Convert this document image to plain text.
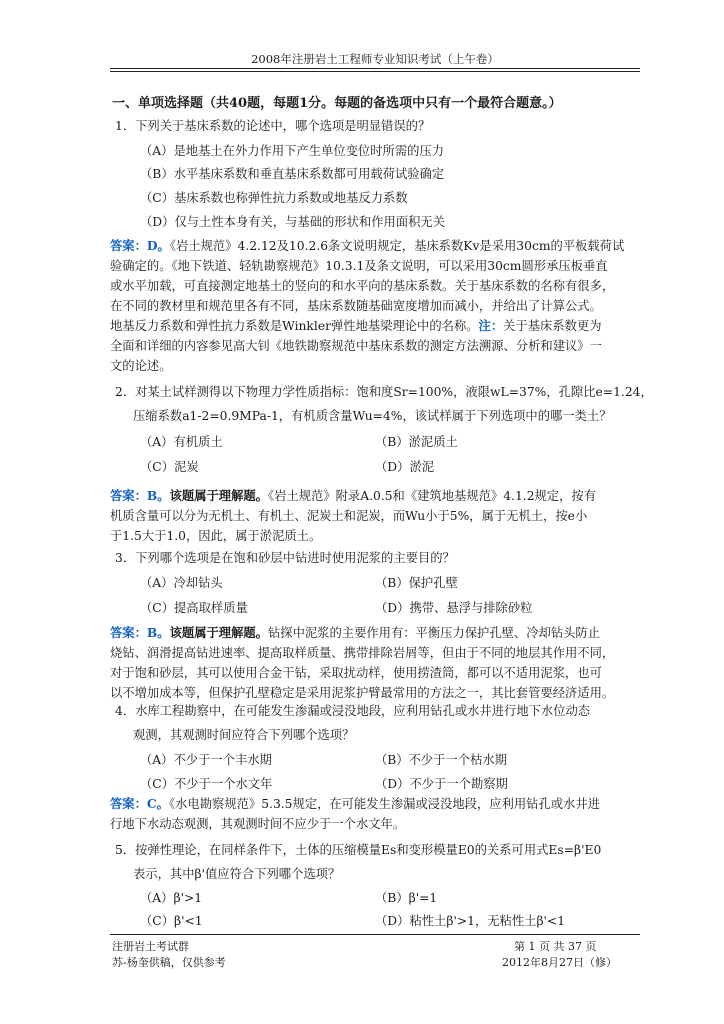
2008年注册岩土工程师专业知识考试（上午卷）
一、单项选择题（共40题，每题1分。每题的备选项中只有一个最符合题意。）
1．下列关于基床系数的论述中，哪个选项是明显错误的？
（A）是地基土在外力作用下产生单位变位时所需的压力
（B）水平基床系数和垂直基床系数都可用载荷试验确定
（C）基床系数也称弹性抗力系数或地基反力系数
（D）仅与土性本身有关，与基础的形状和作用面积无关
答案：D。《岩土规范》4.2.12及10.2.6条文说明规定，基床系数Kv是采用30cm的平板载荷试
验确定的。《地下铁道、轻轨勘察规范》10.3.1及条文说明，可以采用30cm圆形承压板垂直
或水平加载，可直接测定地基土的竖向的和水平向的基床系数。关于基床系数的名称有很多，
在不同的教材里和规范里各有不同，基床系数随基础宽度增加而减小，并给出了计算公式。
地基反力系数和弹性抗力系数是Winkler弹性地基梁理论中的名称。注：关于基床系数更为
全面和详细的内容参见高大钊《地铁勘察规范中基床系数的测定方法溯源、分析和建议》一
文的论述。
2．对某土试样测得以下物理力学性质指标：饱和度Sr=100%，液限wL=37%，孔隙比e=1.24，
压缩系数a1-2=0.9MPa-1，有机质含量Wu=4%，该试样属于下列选项中的哪一类土？
（A）有机质土	（B）淤泥质土
（C）泥炭	（D）淤泥
答案：B。该题属于理解题。《岩土规范》附录A.0.5和《建筑地基规范》4.1.2规定，按有
机质含量可以分为无机土、有机土、泥炭土和泥炭，而Wu小于5%，属于无机土，按e小
于1.5大于1.0，因此，属于淤泥质土。
3．下列哪个选项是在饱和砂层中钻进时使用泥浆的主要目的？
（A）冷却钻头	（B）保护孔壁
（C）提高取样质量	（D）携带、悬浮与排除砂粒
答案：B。该题属于理解题。钻探中泥浆的主要作用有：平衡压力保护孔壁、冷却钻头防止
烧钻、润滑提高钻进速率、提高取样质量、携带排除岩屑等，但由于不同的地层其作用不同，
对于饱和砂层，其可以使用合金干钻，采取扰动样，使用捞渣筒，都可以不适用泥浆，也可
以不增加成本等，但保护孔壁稳定是采用泥浆护臂最常用的方法之一，其比套管要经济适用。
4．水库工程勘察中，在可能发生渗漏或浸没地段，应利用钻孔或水井进行地下水位动态
观测，其观测时间应符合下列哪个选项？
（A）不少于一个丰水期	（B）不少于一个枯水期
（C）不少于一个水文年	（D）不少于一个勘察期
答案：C。《水电勘察规范》5.3.5规定，在可能发生渗漏或浸没地段，应利用钻孔或水井进
行地下水动态观测，其观测时间不应少于一个水文年。
5．按弹性理论，在同样条件下，土体的压缩模量Es和变形模量E0的关系可用式Es=β'E0
表示，其中β'值应符合下列哪个选项？
（A）β'>1	（B）β'=1
（C）β'<1	（D）粘性土β'>1，无粘性土β'<1
注册岩土考试群
苏-杨奎供稿，仅供参考
第 1 页 共 37 页
2012年8月27日（修）
